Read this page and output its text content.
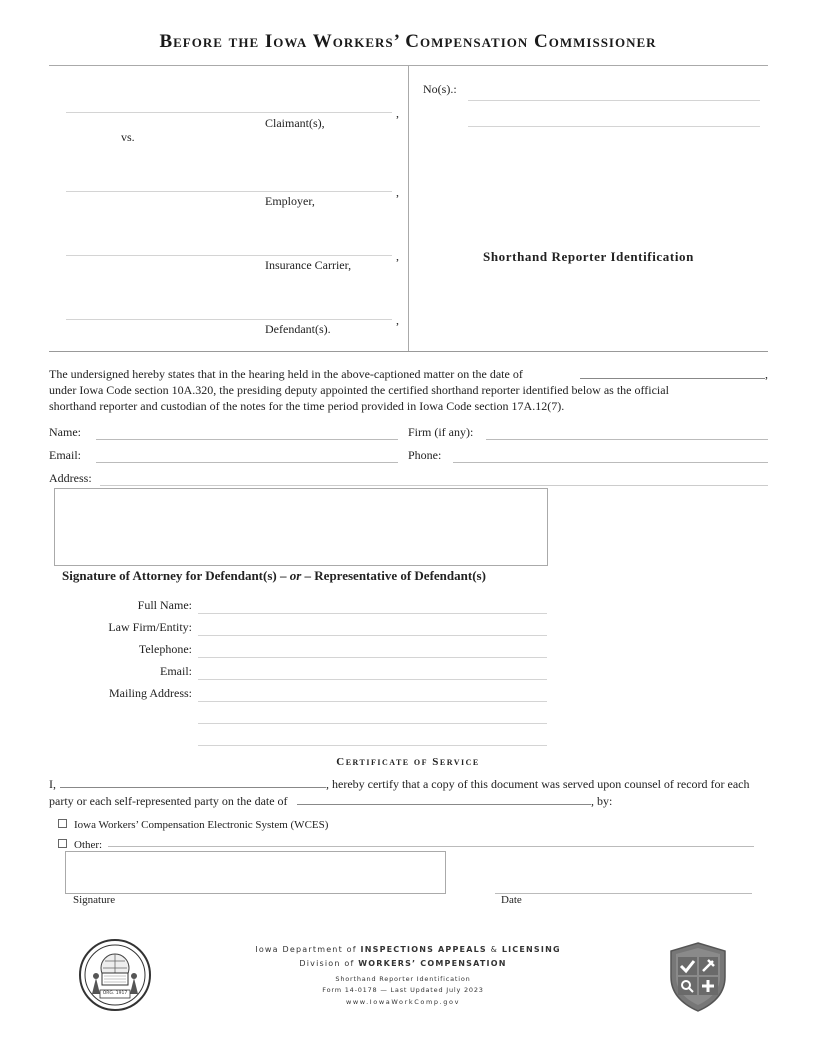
Before the Iowa Workers’ Compensation Commissioner
,
Claimant(s),
vs.
,
Employer,
,
Insurance Carrier,
,
Defendant(s).
No(s).:
Shorthand Reporter Identification
The undersigned hereby states that in the hearing held in the above-captioned matter on the date of	,
under Iowa Code section 10A.320, the presiding deputy appointed the certified shorthand reporter identified below as the official
shorthand reporter and custodian of the notes for the time period provided in Iowa Code section 17A.12(7).
Name:	Firm (if any):
Email:	Phone:
Address:
Signature of Attorney for Defendant(s) – or – Representative of Defendant(s)
Full Name:
Law Firm/Entity:
Telephone:
Email:
Mailing Address:
Certificate of Service
I,	, hereby certify that a copy of this document was served upon counsel of record for each
party or each self-represented party on the date of	, by:
Iowa Workers’ Compensation Electronic System (WCES)
Other:
Signature	Date
ORG. 1917
Iowa Department of INSPECTIONS APPEALS & LICENSING
Division of WORKERS’ COMPENSATION
Shorthand Reporter Identification
Form 14-0178 — Last Updated July 2023
www.IowaWorkComp.gov
